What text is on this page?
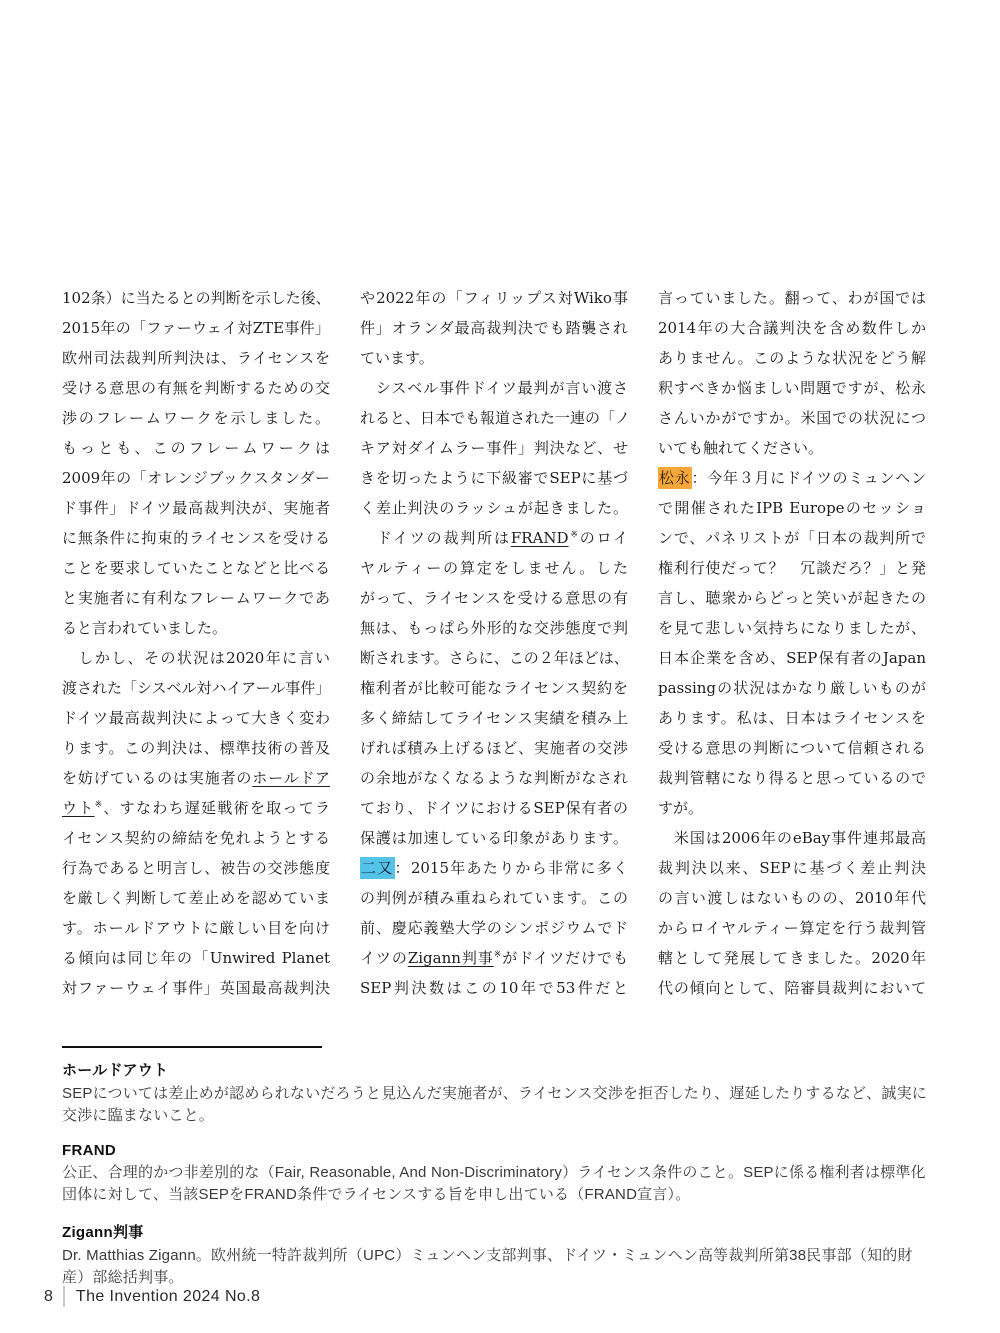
102条）に当たるとの判断を示した後、
2015年の「ファーウェイ対ZTE事件」
欧州司法裁判所判決は、ライセンスを
受ける意思の有無を判断するための交
渉のフレームワークを示しました。
もっとも、このフレームワークは
2009年の「オレンジブックスタンダー
ド事件」ドイツ最高裁判決が、実施者
に無条件に拘束的ライセンスを受ける
ことを要求していたことなどと比べる
と実施者に有利なフレームワークであ
ると言われていました。
　しかし、その状況は2020年に言い
渡された「シスベル対ハイアール事件」
ドイツ最高裁判決によって大きく変わ
ります。この判決は、標準技術の普及
を妨げているのは実施者のホールドア
ウト※、すなわち遅延戦術を取ってラ
イセンス契約の締結を免れようとする
行為であると明言し、被告の交渉態度
を厳しく判断して差止めを認めていま
す。ホールドアウトに厳しい目を向け
る傾向は同じ年の「Unwired Planet
対ファーウェイ事件」英国最高裁判決
や2022年の「フィリップス対Wiko事
件」オランダ最高裁判決でも踏襲され
ています。
　シスベル事件ドイツ最判が言い渡さ
れると、日本でも報道された一連の「ノ
キア対ダイムラー事件」判決など、せ
きを切ったように下級審でSEPに基づ
く差止判決のラッシュが起きました。
　ドイツの裁判所はFRAND※のロイ
ヤルティーの算定をしません。した
がって、ライセンスを受ける意思の有
無は、もっぱら外形的な交渉態度で判
断されます。さらに、この２年ほどは、
権利者が比較可能なライセンス契約を
多く締結してライセンス実績を積み上
げれば積み上げるほど、実施者の交渉
の余地がなくなるような判断がなされ
ており、ドイツにおけるSEP保有者の
保護は加速している印象があります。
二又：2015年あたりから非常に多く
の判例が積み重ねられています。この
前、慶応義塾大学のシンポジウムでド
イツのZigann判事※がドイツだけでも
SEP判決数はこの10年で53件だと
言っていました。翻って、わが国では
2014年の大合議判決を含め数件しか
ありません。このような状況をどう解
釈すべきか悩ましい問題ですが、松永
さんいかがですか。米国での状況につ
いても触れてください。
松永：今年３月にドイツのミュンヘン
で開催されたIPB Europeのセッショ
ンで、パネリストが「日本の裁判所で
権利行使だって？　冗談だろ？」と発
言し、聴衆からどっと笑いが起きたの
を見て悲しい気持ちになりましたが、
日本企業を含め、SEP保有者のJapan
passingの状況はかなり厳しいものが
あります。私は、日本はライセンスを
受ける意思の判断について信頼される
裁判管轄になり得ると思っているので
すが。
　米国は2006年のeBay事件連邦最高
裁判決以来、SEPに基づく差止判決
の言い渡しはないものの、2010年代
からロイヤルティー算定を行う裁判管
轄として発展してきました。2020年
代の傾向として、陪審員裁判において
ホールドアウト
SEPについては差止めが認められないだろうと見込んだ実施者が、ライセンス交渉を拒否したり、遅延したりするなど、誠実に交渉に臨まないこと。
FRAND
公正、合理的かつ非差別的な（Fair, Reasonable, And Non-Discriminatory）ライセンス条件のこと。SEPに係る権利者は標準化団体に対して、当該SEPをFRAND条件でライセンスする旨を申し出ている（FRAND宣言）。
Zigann判事
Dr. Matthias Zigann。欧州統一特許裁判所（UPC）ミュンヘン支部判事、ドイツ・ミュンヘン高等裁判所第38民事部（知的財産）部総括判事。
8 The Invention 2024 No.8
